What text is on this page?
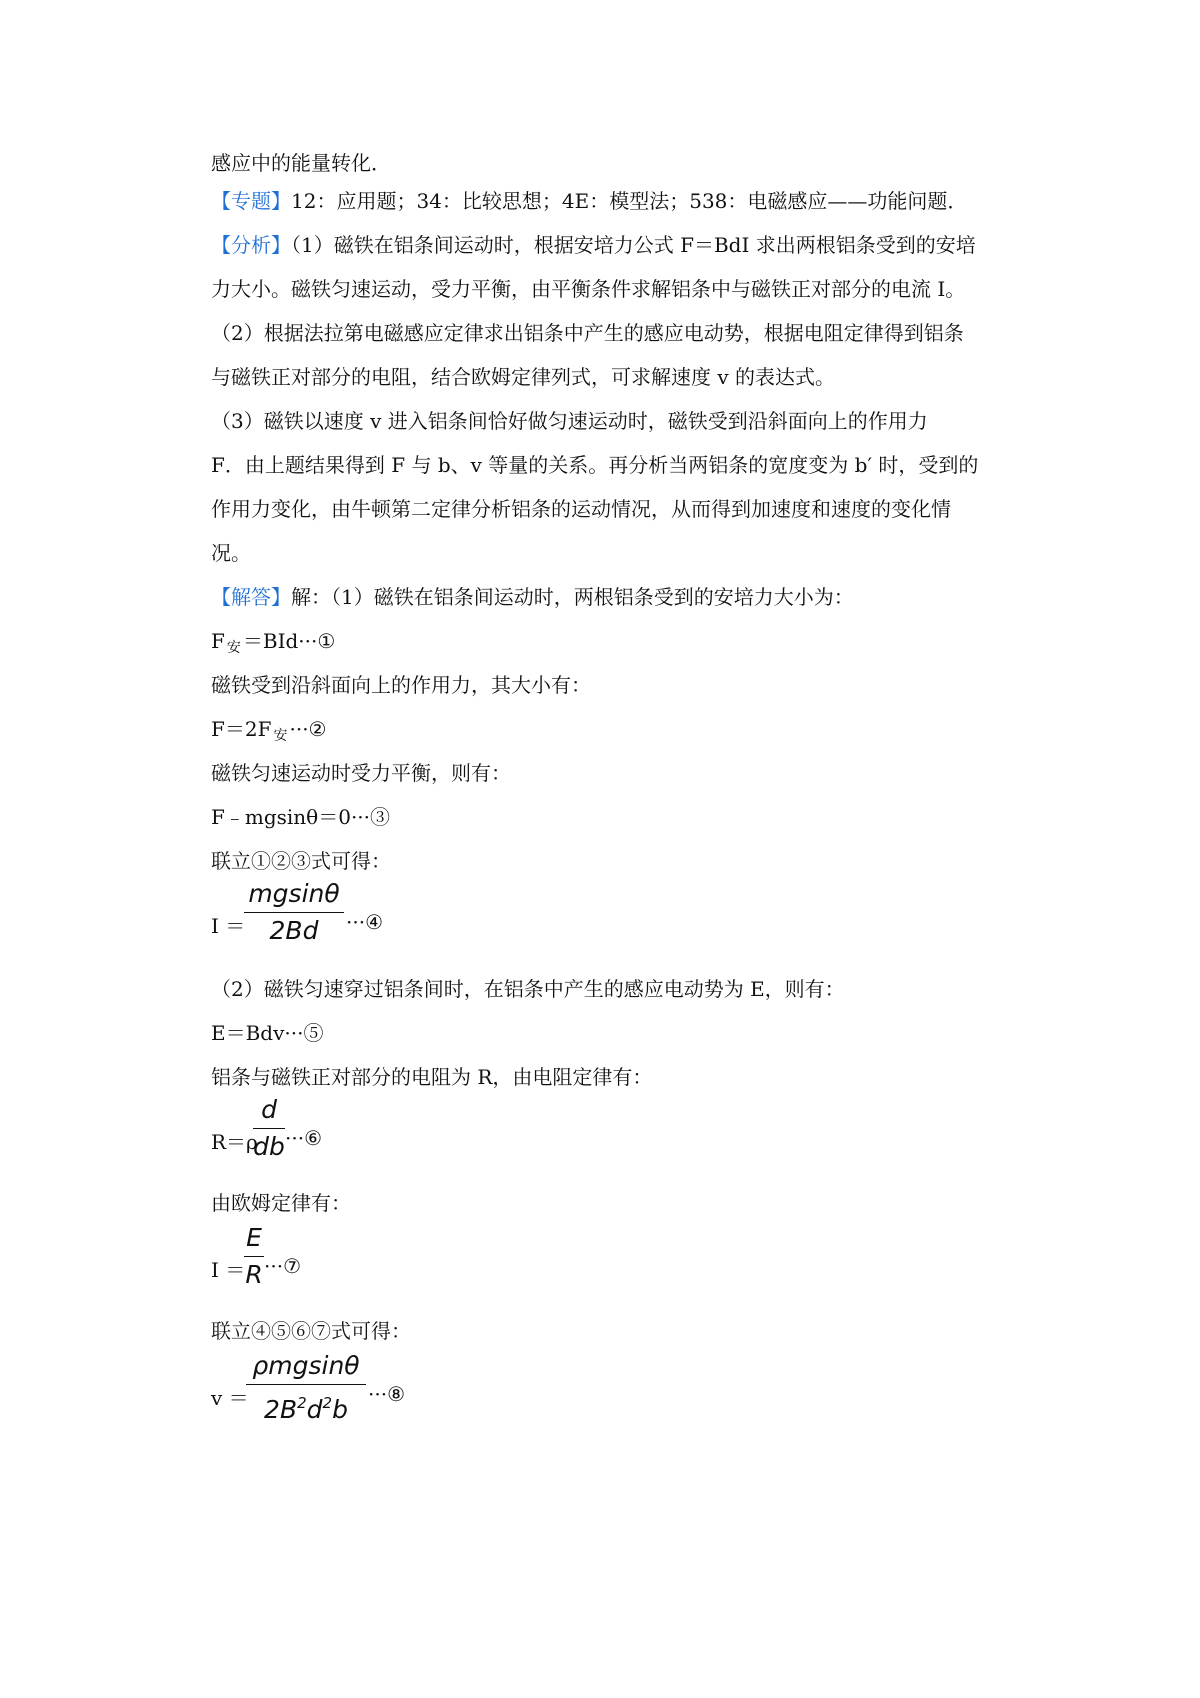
感应中的能量转化．
【专题】12：应用题；34：比较思想；4E：模型法；538：电磁感应——功能问题．
【分析】（1）磁铁在铝条间运动时，根据安培力公式 F＝BdI 求出两根铝条受到的安培
力大小。磁铁匀速运动，受力平衡，由平衡条件求解铝条中与磁铁正对部分的电流 I。
（2）根据法拉第电磁感应定律求出铝条中产生的感应电动势，根据电阻定律得到铝条
与磁铁正对部分的电阻，结合欧姆定律列式，可求解速度 v 的表达式。
（3）磁铁以速度 v 进入铝条间恰好做匀速运动时，磁铁受到沿斜面向上的作用力
F．由上题结果得到 F 与 b、v 等量的关系。再分析当两铝条的宽度变为 b′ 时，受到的
作用力变化，由牛顿第二定律分析铝条的运动情况，从而得到加速度和速度的变化情
况。
【解答】解：（1）磁铁在铝条间运动时，两根铝条受到的安培力大小为：
F $_安$ ＝BId···①
磁铁受到沿斜面向上的作用力，其大小有：
F＝2F $_安$ ···②
磁铁匀速运动时受力平衡，则有：
F﹣mgsinθ＝0···③
联立①②③式可得：
I ＝
mgsinθ
2Bd	···④
（2）磁铁匀速穿过铝条间时，在铝条中产生的感应电动势为 E，则有：
E＝Bdv···⑤
铝条与磁铁正对部分的电阻为 R，由电阻定律有：
R＝ρ
d
db ···⑥
由欧姆定律有：
I ＝
E
R ···⑦
联立④⑤⑥⑦式可得：
v ＝
ρmgsinθ
$2B^2d^2b$
···⑧
